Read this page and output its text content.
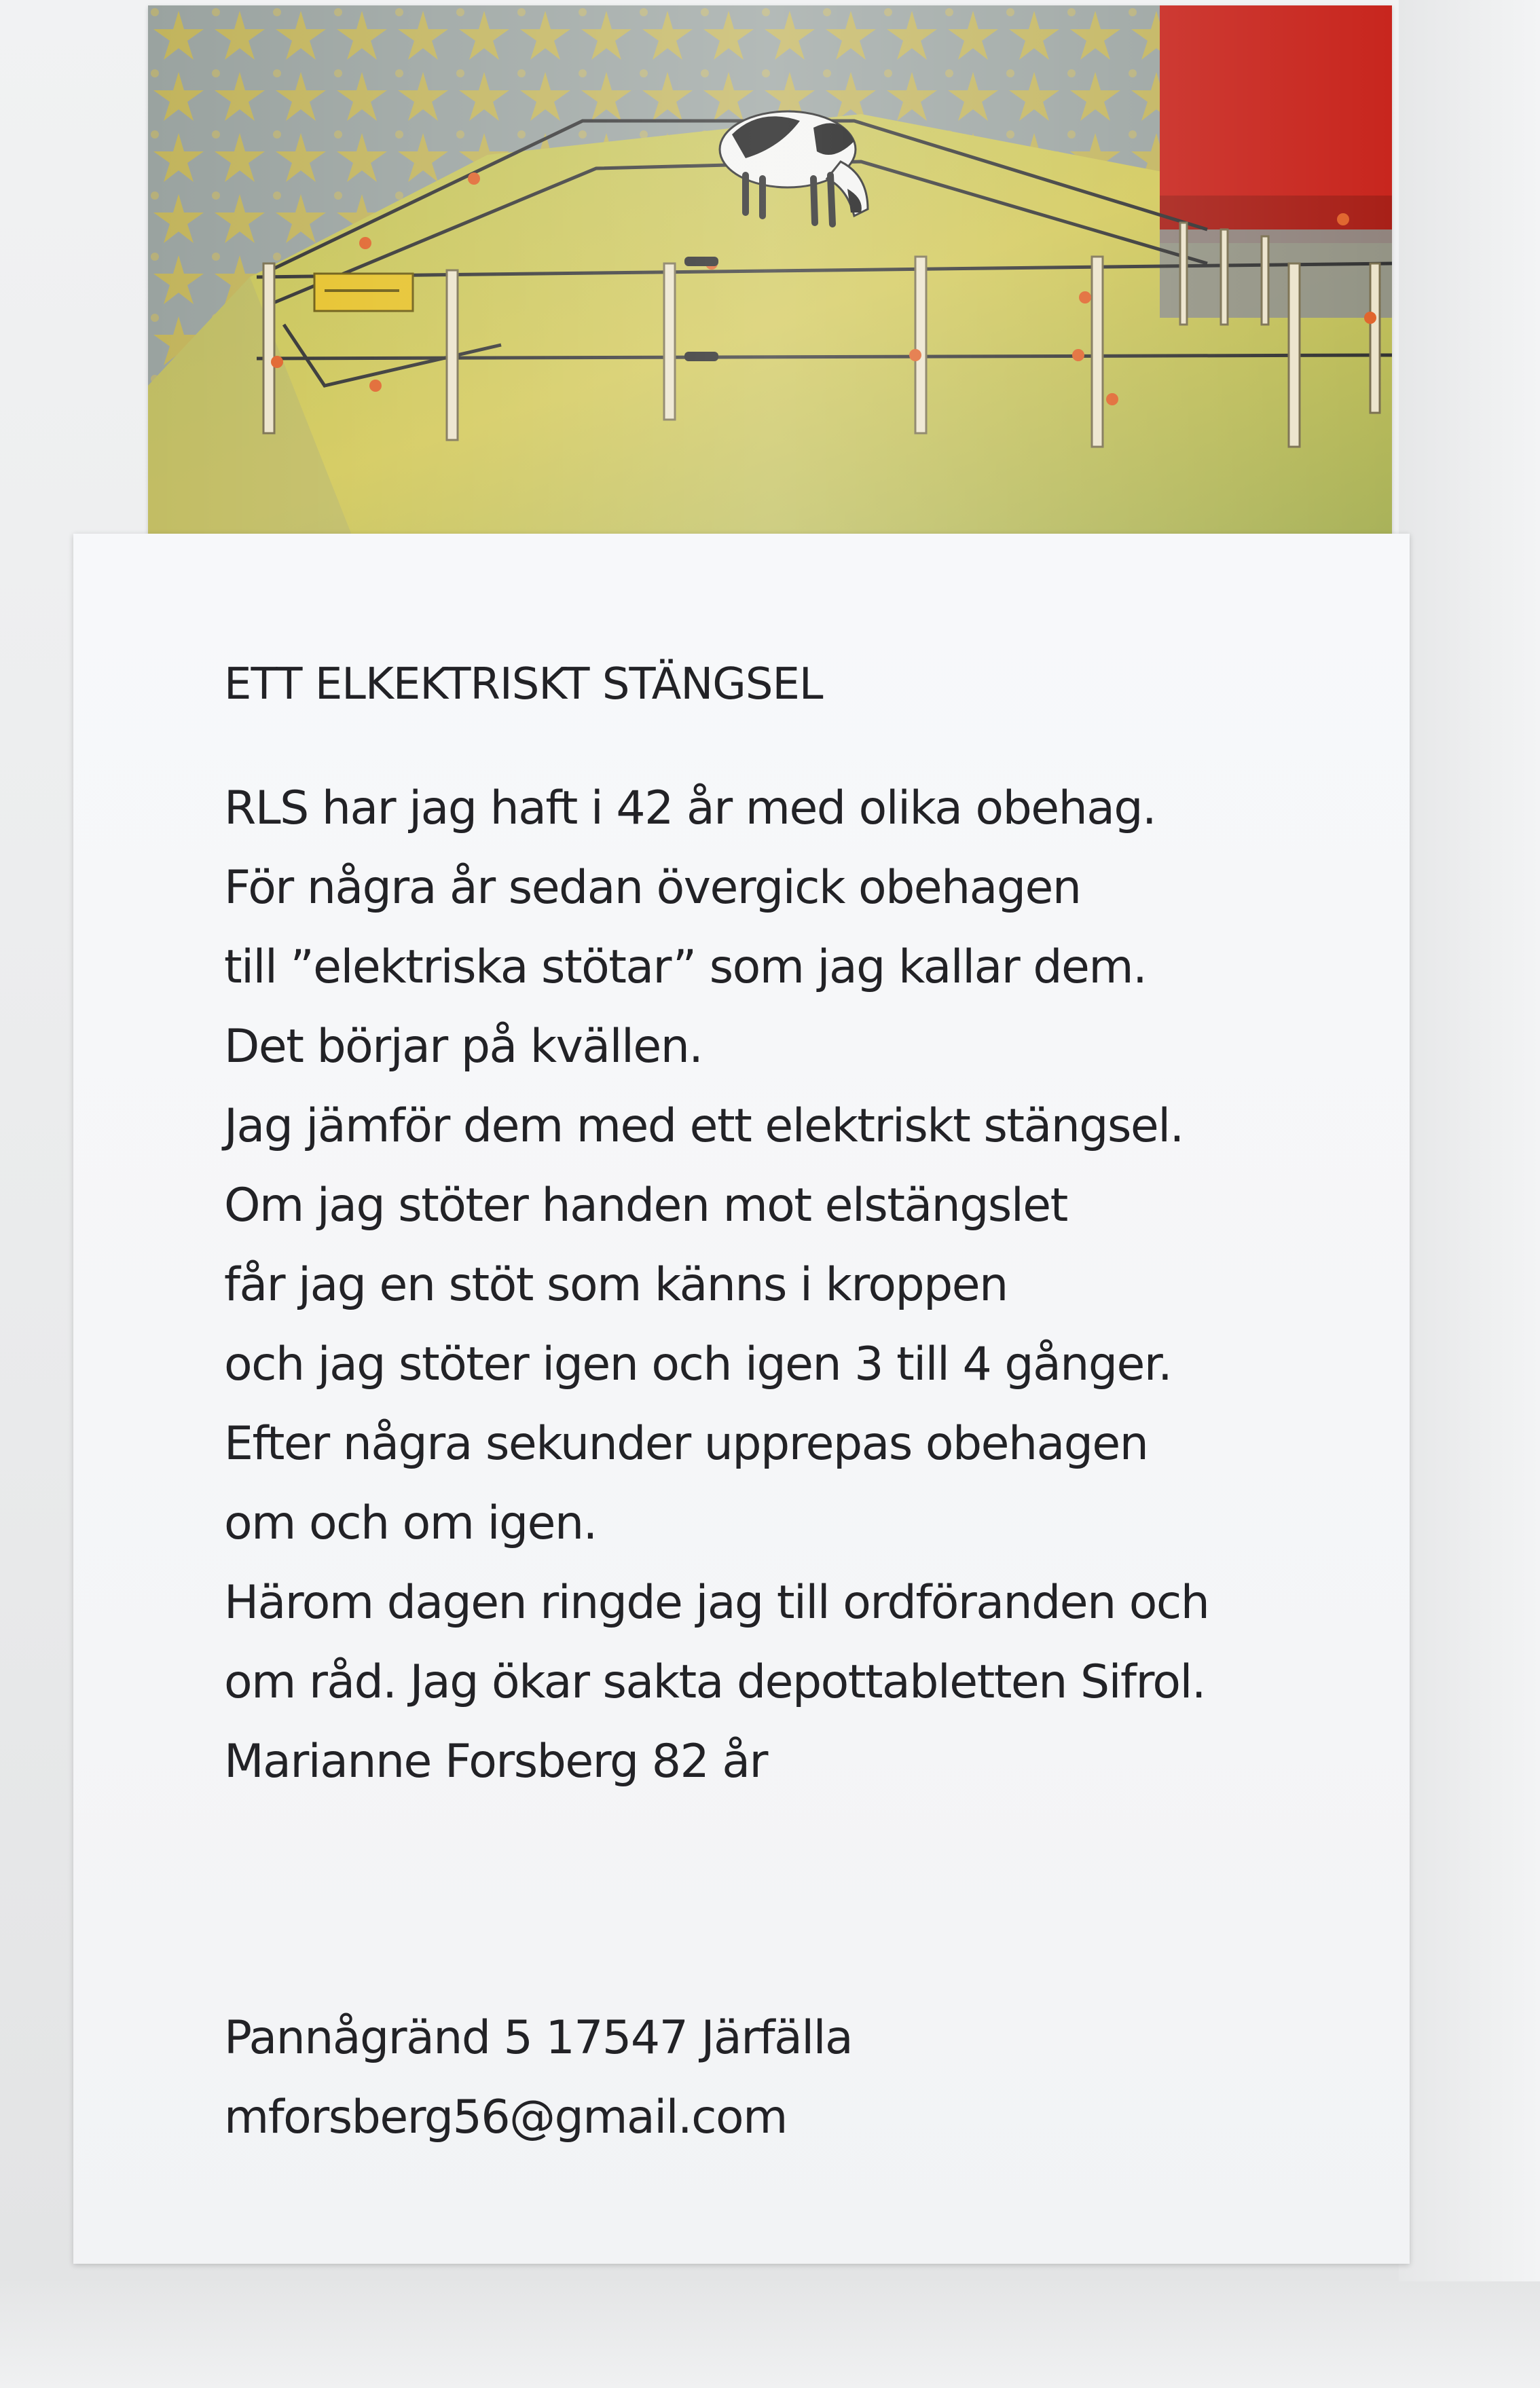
ETT ELKEKTRISKT STÄNGSEL
RLS har jag haft i 42 år med olika obehag.
För några år sedan övergick obehagen
till ”elektriska stötar” som jag kallar dem.
Det börjar på kvällen.
Jag jämför dem med ett elektriskt stängsel.
Om jag stöter handen mot elstängslet
får jag en stöt som känns i kroppen
och jag stöter igen och igen 3 till 4 gånger.
Efter några sekunder upprepas obehagen
om och om igen.
Härom dagen ringde jag till ordföranden och
om råd. Jag ökar sakta depottabletten Sifrol.
Marianne Forsberg 82 år
Pannågränd 5 17547 Järfälla
mforsberg56@gmail.com
